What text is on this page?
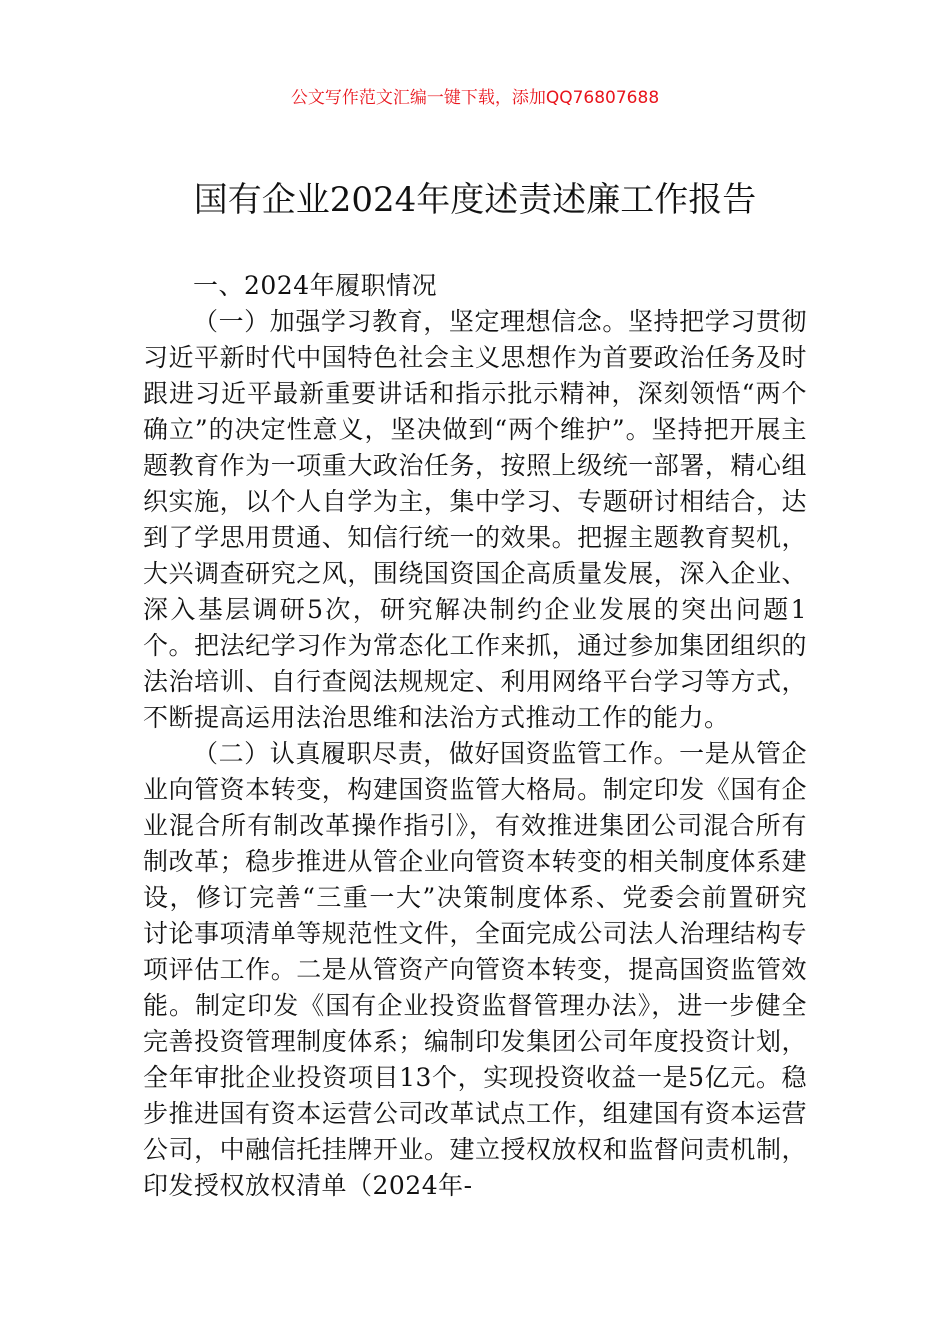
公文写作范文汇编一键下载，添加QQ76807688
国有企业2024年度述责述廉工作报告

一、2024年履职情况

（一）加强学习教育，坚定理想信念。坚持把学习贯彻习近平新时代中国特色社会主义思想作为首要政治任务及时跟进习近平最新重要讲话和指示批示精神，深刻领悟“两个确立”的决定性意义，坚决做到“两个维护”。坚持把开展主题教育作为一项重大政治任务，按照上级统一部署，精心组织实施，以个人自学为主，集中学习、专题研讨相结合，达到了学思用贯通、知信行统一的效果。把握主题教育契机，大兴调查研究之风，围绕国资国企高质量发展，深入企业、深入基层调研5次，研究解决制约企业发展的突出问题1个。把法纪学习作为常态化工作来抓，通过参加集团组织的法治培训、自行查阅法规规定、利用网络平台学习等方式，不断提高运用法治思维和法治方式推动工作的能力。

（二）认真履职尽责，做好国资监管工作。一是从管企业向管资本转变，构建国资监管大格局。制定印发《国有企业混合所有制改革操作指引》，有效推进集团公司混合所有制改革；稳步推进从管企业向管资本转变的相关制度体系建设，修订完善“三重一大”决策制度体系、党委会前置研究讨论事项清单等规范性文件，全面完成公司法人治理结构专项评估工作。二是从管资产向管资本转变，提高国资监管效能。制定印发《国有企业投资监督管理办法》，进一步健全完善投资管理制度体系；编制印发集团公司年度投资计划，全年审批企业投资项目13个，实现投资收益一是5亿元。稳步推进国有资本运营公司改革试点工作，组建国有资本运营公司，中融信托挂牌开业。建立授权放权和监督问责机制，印发授权放权清单（2024年-
